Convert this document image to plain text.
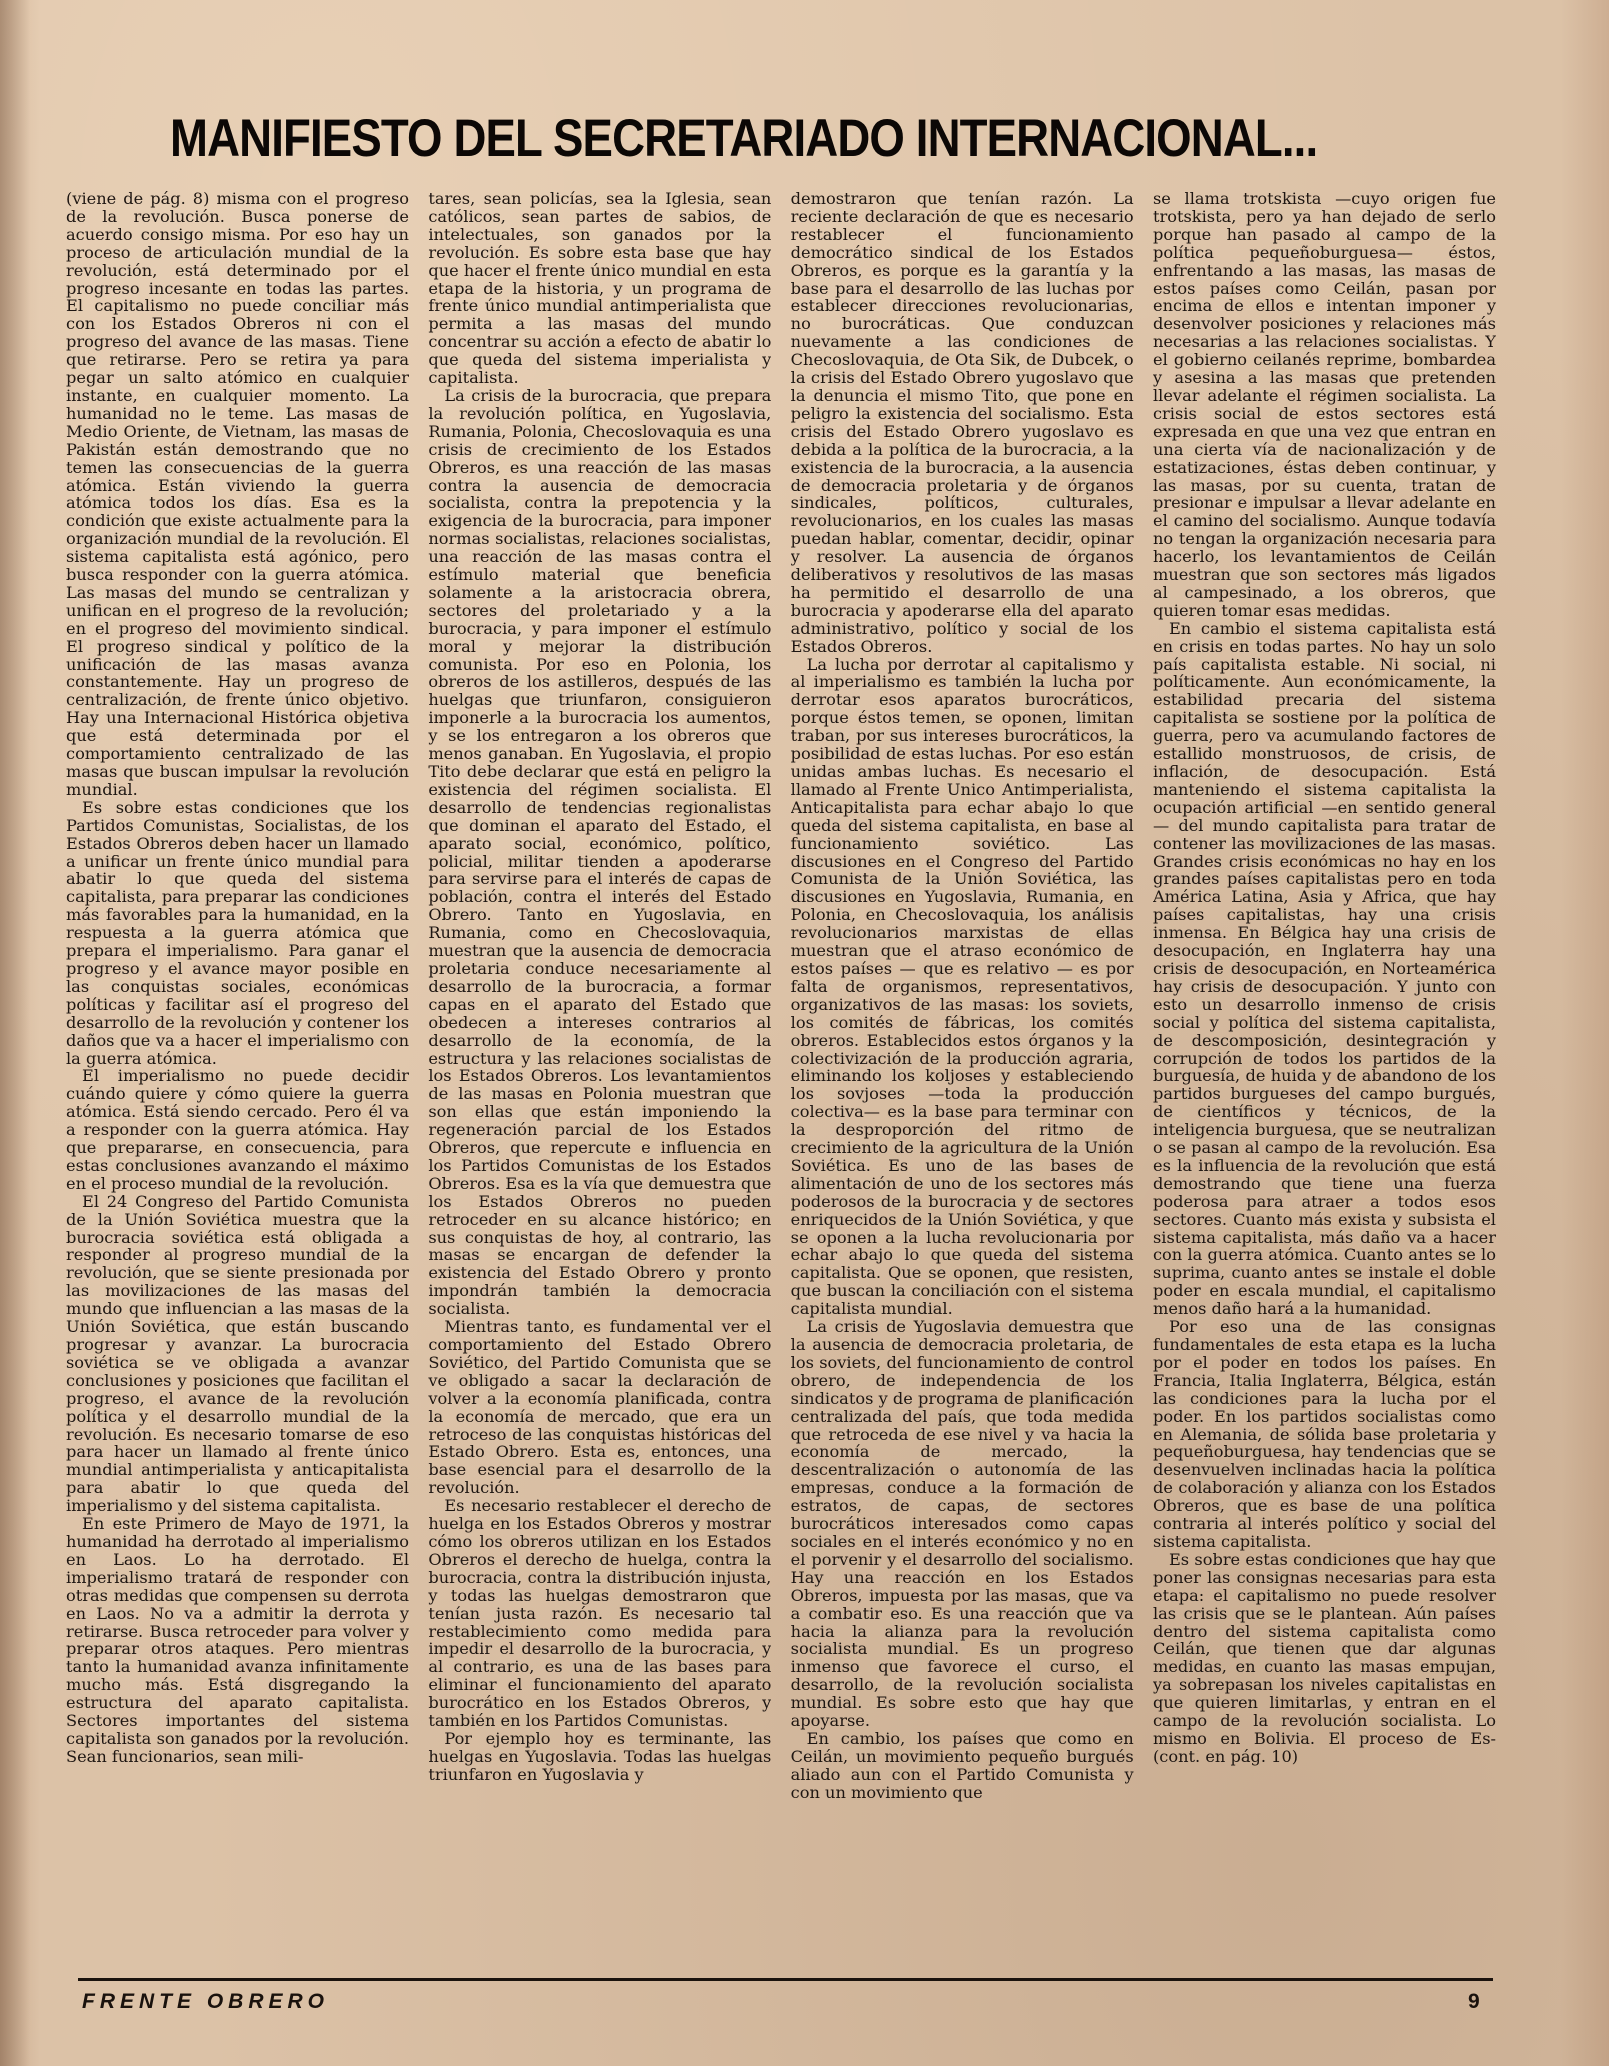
MANIFIESTO DEL SECRETARIADO INTERNACIONAL...

(viene de pág. 8) misma con el progreso de la revolución. Busca ponerse de acuerdo consigo misma. Por eso hay un proceso de articulación mundial de la revolución, está determinado por el progreso incesante en todas las partes. El capitalismo no puede conciliar más con los Estados Obreros ni con el progreso del avance de las masas. Tiene que retirarse. Pero se retira ya para pegar un salto atómico en cualquier instante, en cualquier momento. La humanidad no le teme. Las masas de Medio Oriente, de Vietnam, las masas de Pakistán están demostrando que no temen las consecuencias de la guerra atómica. Están viviendo la guerra atómica todos los días. Esa es la condición que existe actualmente para la organización mundial de la revolución. El sistema capitalista está agónico, pero busca responder con la guerra atómica. Las masas del mundo se centralizan y unifican en el progreso de la revolución; en el progreso del movimiento sindical. El progreso sindical y político de la unificación de las masas avanza constantemente. Hay un progreso de centralización, de frente único objetivo. Hay una Internacional Histórica objetiva que está determinada por el comportamiento centralizado de las masas que buscan impulsar la revolución mundial.

Es sobre estas condiciones que los Partidos Comunistas, Socialistas, de los Estados Obreros deben hacer un llamado a unificar un frente único mundial para abatir lo que queda del sistema capitalista, para preparar las condiciones más favorables para la humanidad, en la respuesta a la guerra atómica que prepara el imperialismo. Para ganar el progreso y el avance mayor posible en las conquistas sociales, económicas políticas y facilitar así el progreso del desarrollo de la revolución y contener los daños que va a hacer el imperialismo con la guerra atómica.

El imperialismo no puede decidir cuándo quiere y cómo quiere la guerra atómica. Está siendo cercado. Pero él va a responder con la guerra atómica. Hay que prepararse, en consecuencia, para estas conclusiones avanzando el máximo en el proceso mundial de la revolución.

El 24 Congreso del Partido Comunista de la Unión Soviética muestra que la burocracia soviética está obligada a responder al progreso mundial de la revolución, que se siente presionada por las movilizaciones de las masas del mundo que influencian a las masas de la Unión Soviética, que están buscando progresar y avanzar. La burocracia soviética se ve obligada a avanzar conclusiones y posiciones que facilitan el progreso, el avance de la revolución política y el desarrollo mundial de la revolución. Es necesario tomarse de eso para hacer un llamado al frente único mundial antimperialista y anticapitalista para abatir lo que queda del imperialismo y del sistema capitalista.

En este Primero de Mayo de 1971, la humanidad ha derrotado al imperialismo en Laos. Lo ha derrotado. El imperialismo tratará de responder con otras medidas que compensen su derrota en Laos. No va a admitir la derrota y retirarse. Busca retroceder para volver y preparar otros ataques. Pero mientras tanto la humanidad avanza infinitamente mucho más. Está disgregando la estructura del aparato capitalista. Sectores importantes del sistema capitalista son ganados por la revolución. Sean funcionarios, sean mili-

tares, sean policías, sea la Iglesia, sean católicos, sean partes de sabios, de intelectuales, son ganados por la revolución. Es sobre esta base que hay que hacer el frente único mundial en esta etapa de la historia, y un programa de frente único mundial antimperialista que permita a las masas del mundo concentrar su acción a efecto de abatir lo que queda del sistema imperialista y capitalista.

La crisis de la burocracia, que prepara la revolución política, en Yugoslavia, Rumania, Polonia, Checoslovaquia es una crisis de crecimiento de los Estados Obreros, es una reacción de las masas contra la ausencia de democracia socialista, contra la prepotencia y la exigencia de la burocracia, para imponer normas socialistas, relaciones socialistas, una reacción de las masas contra el estímulo material que beneficia solamente a la aristocracia obrera, sectores del proletariado y a la burocracia, y para imponer el estímulo moral y mejorar la distribución comunista. Por eso en Polonia, los obreros de los astilleros, después de las huelgas que triunfaron, consiguieron imponerle a la burocracia los aumentos, y se los entregaron a los obreros que menos ganaban. En Yugoslavia, el propio Tito debe declarar que está en peligro la existencia del régimen socialista. El desarrollo de tendencias regionalistas que dominan el aparato del Estado, el aparato social, económico, político, policial, militar tienden a apoderarse para servirse para el interés de capas de población, contra el interés del Estado Obrero. Tanto en Yugoslavia, en Rumania, como en Checoslovaquia, muestran que la ausencia de democracia proletaria conduce necesariamente al desarrollo de la burocracia, a formar capas en el aparato del Estado que obedecen a intereses contrarios al desarrollo de la economía, de la estructura y las relaciones socialistas de los Estados Obreros. Los levantamientos de las masas en Polonia muestran que son ellas que están imponiendo la regeneración parcial de los Estados Obreros, que repercute e influencia en los Partidos Comunistas de los Estados Obreros. Esa es la vía que demuestra que los Estados Obreros no pueden retroceder en su alcance histórico; en sus conquistas de hoy, al contrario, las masas se encargan de defender la existencia del Estado Obrero y pronto impondrán también la democracia socialista.

Mientras tanto, es fundamental ver el comportamiento del Estado Obrero Soviético, del Partido Comunista que se ve obligado a sacar la declaración de volver a la economía planificada, contra la economía de mercado, que era un retroceso de las conquistas históricas del Estado Obrero. Esta es, entonces, una base esencial para el desarrollo de la revolución.

Es necesario restablecer el derecho de huelga en los Estados Obreros y mostrar cómo los obreros utilizan en los Estados Obreros el derecho de huelga, contra la burocracia, contra la distribución injusta, y todas las huelgas demostraron que tenían justa razón. Es necesario tal restablecimiento como medida para impedir el desarrollo de la burocracia, y al contrario, es una de las bases para eliminar el funcionamiento del aparato burocrático en los Estados Obreros, y también en los Partidos Comunistas.

Por ejemplo hoy es terminante, las huelgas en Yugoslavia. Todas las huelgas triunfaron en Yugoslavia y

demostraron que tenían razón. La reciente declaración de que es necesario restablecer el funcionamiento democrático sindical de los Estados Obreros, es porque es la garantía y la base para el desarrollo de las luchas por establecer direcciones revolucionarias, no burocráticas. Que conduzcan nuevamente a las condiciones de Checoslovaquia, de Ota Sik, de Dubcek, o la crisis del Estado Obrero yugoslavo que la denuncia el mismo Tito, que pone en peligro la existencia del socialismo. Esta crisis del Estado Obrero yugoslavo es debida a la política de la burocracia, a la existencia de la burocracia, a la ausencia de democracia proletaria y de órganos sindicales, políticos, culturales, revolucionarios, en los cuales las masas puedan hablar, comentar, decidir, opinar y resolver. La ausencia de órganos deliberativos y resolutivos de las masas ha permitido el desarrollo de una burocracia y apoderarse ella del aparato administrativo, político y social de los Estados Obreros.

La lucha por derrotar al capitalismo y al imperialismo es también la lucha por derrotar esos aparatos burocráticos, porque éstos temen, se oponen, limitan traban, por sus intereses burocráticos, la posibilidad de estas luchas. Por eso están unidas ambas luchas. Es necesario el llamado al Frente Unico Antimperialista, Anticapitalista para echar abajo lo que queda del sistema capitalista, en base al funcionamiento soviético. Las discusiones en el Congreso del Partido Comunista de la Unión Soviética, las discusiones en Yugoslavia, Rumania, en Polonia, en Checoslovaquia, los análisis revolucionarios marxistas de ellas muestran que el atraso económico de estos países — que es relativo — es por falta de organismos, representativos, organizativos de las masas: los soviets, los comités de fábricas, los comités obreros. Establecidos estos órganos y la colectivización de la producción agraria, eliminando los koljoses y estableciendo los sovjoses —toda la producción colectiva— es la base para terminar con la desproporción del ritmo de crecimiento de la agricultura de la Unión Soviética. Es uno de las bases de alimentación de uno de los sectores más poderosos de la burocracia y de sectores enriquecidos de la Unión Soviética, y que se oponen a la lucha revolucionaria por echar abajo lo que queda del sistema capitalista. Que se oponen, que resisten, que buscan la conciliación con el sistema capitalista mundial.

La crisis de Yugoslavia demuestra que la ausencia de democracia proletaria, de los soviets, del funcionamiento de control obrero, de independencia de los sindicatos y de programa de planificación centralizada del país, que toda medida que retroceda de ese nivel y va hacia la economía de mercado, la descentralización o autonomía de las empresas, conduce a la formación de estratos, de capas, de sectores burocráticos interesados como capas sociales en el interés económico y no en el porvenir y el desarrollo del socialismo. Hay una reacción en los Estados Obreros, impuesta por las masas, que va a combatir eso. Es una reacción que va hacia la alianza para la revolución socialista mundial. Es un progreso inmenso que favorece el curso, el desarrollo, de la revolución socialista mundial. Es sobre esto que hay que apoyarse.

En cambio, los países que como en Ceilán, un movimiento pequeño burgués aliado aun con el Partido Comunista y con un movimiento que

se llama trotskista —cuyo origen fue trotskista, pero ya han dejado de serlo porque han pasado al campo de la política pequeñoburguesa— éstos, enfrentando a las masas, las masas de estos países como Ceilán, pasan por encima de ellos e intentan imponer y desenvolver posiciones y relaciones más necesarias a las relaciones socialistas. Y el gobierno ceilanés reprime, bombardea y asesina a las masas que pretenden llevar adelante el régimen socialista. La crisis social de estos sectores está expresada en que una vez que entran en una cierta vía de nacionalización y de estatizaciones, éstas deben continuar, y las masas, por su cuenta, tratan de presionar e impulsar a llevar adelante en el camino del socialismo. Aunque todavía no tengan la organización necesaria para hacerlo, los levantamientos de Ceilán muestran que son sectores más ligados al campesinado, a los obreros, que quieren tomar esas medidas.

En cambio el sistema capitalista está en crisis en todas partes. No hay un solo país capitalista estable. Ni social, ni políticamente. Aun económicamente, la estabilidad precaria del sistema capitalista se sostiene por la política de guerra, pero va acumulando factores de estallido monstruosos, de crisis, de inflación, de desocupación. Está manteniendo el sistema capitalista la ocupación artificial —en sentido general— del mundo capitalista para tratar de contener las movilizaciones de las masas. Grandes crisis económicas no hay en los grandes países capitalistas pero en toda América Latina, Asia y Africa, que hay países capitalistas, hay una crisis inmensa. En Bélgica hay una crisis de desocupación, en Inglaterra hay una crisis de desocupación, en Norteamérica hay crisis de desocupación. Y junto con esto un desarrollo inmenso de crisis social y política del sistema capitalista, de descomposición, desintegración y corrupción de todos los partidos de la burguesía, de huida y de abandono de los partidos burgueses del campo burgués, de científicos y técnicos, de la inteligencia burguesa, que se neutralizan o se pasan al campo de la revolución. Esa es la influencia de la revolución que está demostrando que tiene una fuerza poderosa para atraer a todos esos sectores. Cuanto más exista y subsista el sistema capitalista, más daño va a hacer con la guerra atómica. Cuanto antes se lo suprima, cuanto antes se instale el doble poder en escala mundial, el capitalismo menos daño hará a la humanidad.

Por eso una de las consignas fundamentales de esta etapa es la lucha por el poder en todos los países. En Francia, Italia Inglaterra, Bélgica, están las condiciones para la lucha por el poder. En los partidos socialistas como en Alemania, de sólida base proletaria y pequeñoburguesa, hay tendencias que se desenvuelven inclinadas hacia la política de colaboración y alianza con los Estados Obreros, que es base de una política contraria al interés político y social del sistema capitalista.

Es sobre estas condiciones que hay que poner las consignas necesarias para esta etapa: el capitalismo no puede resolver las crisis que se le plantean. Aún países dentro del sistema capitalista como Ceilán, que tienen que dar algunas medidas, en cuanto las masas empujan, ya sobrepasan los niveles capitalistas en que quieren limitarlas, y entran en el campo de la revolución socialista. Lo mismo en Bolivia. El proceso de Es- (cont. en pág. 10)

FRENTE OBRERO	9
